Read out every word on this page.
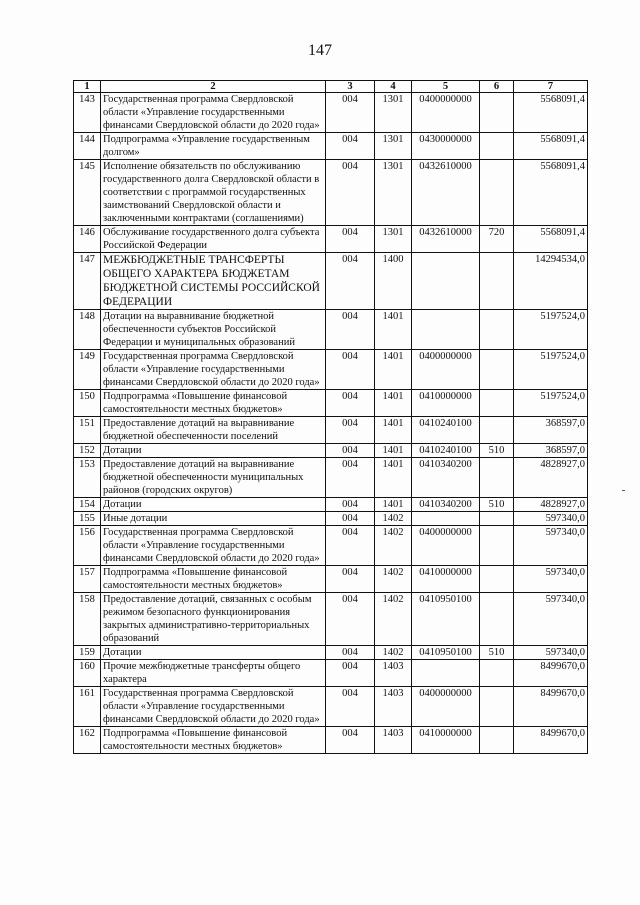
147
1	2	3	4	5	6	7
143	Государственная программа Свердловской области «Управление государственными финансами Свердловской области до 2020 года»	004	1301	0400000000		5568091,4
144	Подпрограмма «Управление государственным долгом»	004	1301	0430000000		5568091,4
145	Исполнение обязательств по обслуживанию государственного долга Свердловской области в соответствии с программой государственных заимствований Свердловской области и заключенными контрактами (соглашениями)	004	1301	0432610000		5568091,4
146	Обслуживание государственного долга субъекта Российской Федерации	004	1301	0432610000	720	5568091,4
147	МЕЖБЮДЖЕТНЫЕ ТРАНСФЕРТЫ ОБЩЕГО ХАРАКТЕРА БЮДЖЕТАМ БЮДЖЕТНОЙ СИСТЕМЫ РОССИЙСКОЙ ФЕДЕРАЦИИ	004	1400			14294534,0
148	Дотации на выравнивание бюджетной обеспеченности субъектов Российской Федерации и муниципальных образований	004	1401			5197524,0
149	Государственная программа Свердловской области «Управление государственными финансами Свердловской области до 2020 года»	004	1401	0400000000		5197524,0
150	Подпрограмма «Повышение финансовой самостоятельности местных бюджетов»	004	1401	0410000000		5197524,0
151	Предоставление дотаций на выравнивание бюджетной обеспеченности поселений	004	1401	0410240100		368597,0
152	Дотации	004	1401	0410240100	510	368597,0
153	Предоставление дотаций на выравнивание бюджетной обеспеченности муниципальных районов (городских округов)	004	1401	0410340200		4828927,0
154	Дотации	004	1401	0410340200	510	4828927,0
155	Иные дотации	004	1402			597340,0
156	Государственная программа Свердловской области «Управление государственными финансами Свердловской области до 2020 года»	004	1402	0400000000		597340,0
157	Подпрограмма «Повышение финансовой самостоятельности местных бюджетов»	004	1402	0410000000		597340,0
158	Предоставление дотаций, связанных с особым режимом безопасного функционирования закрытых административно-территориальных образований	004	1402	0410950100		597340,0
159	Дотации	004	1402	0410950100	510	597340,0
160	Прочие межбюджетные трансферты общего характера	004	1403			8499670,0
161	Государственная программа Свердловской области «Управление государственными финансами Свердловской области до 2020 года»	004	1403	0400000000		8499670,0
162	Подпрограмма «Повышение финансовой самостоятельности местных бюджетов»	004	1403	0410000000		8499670,0
